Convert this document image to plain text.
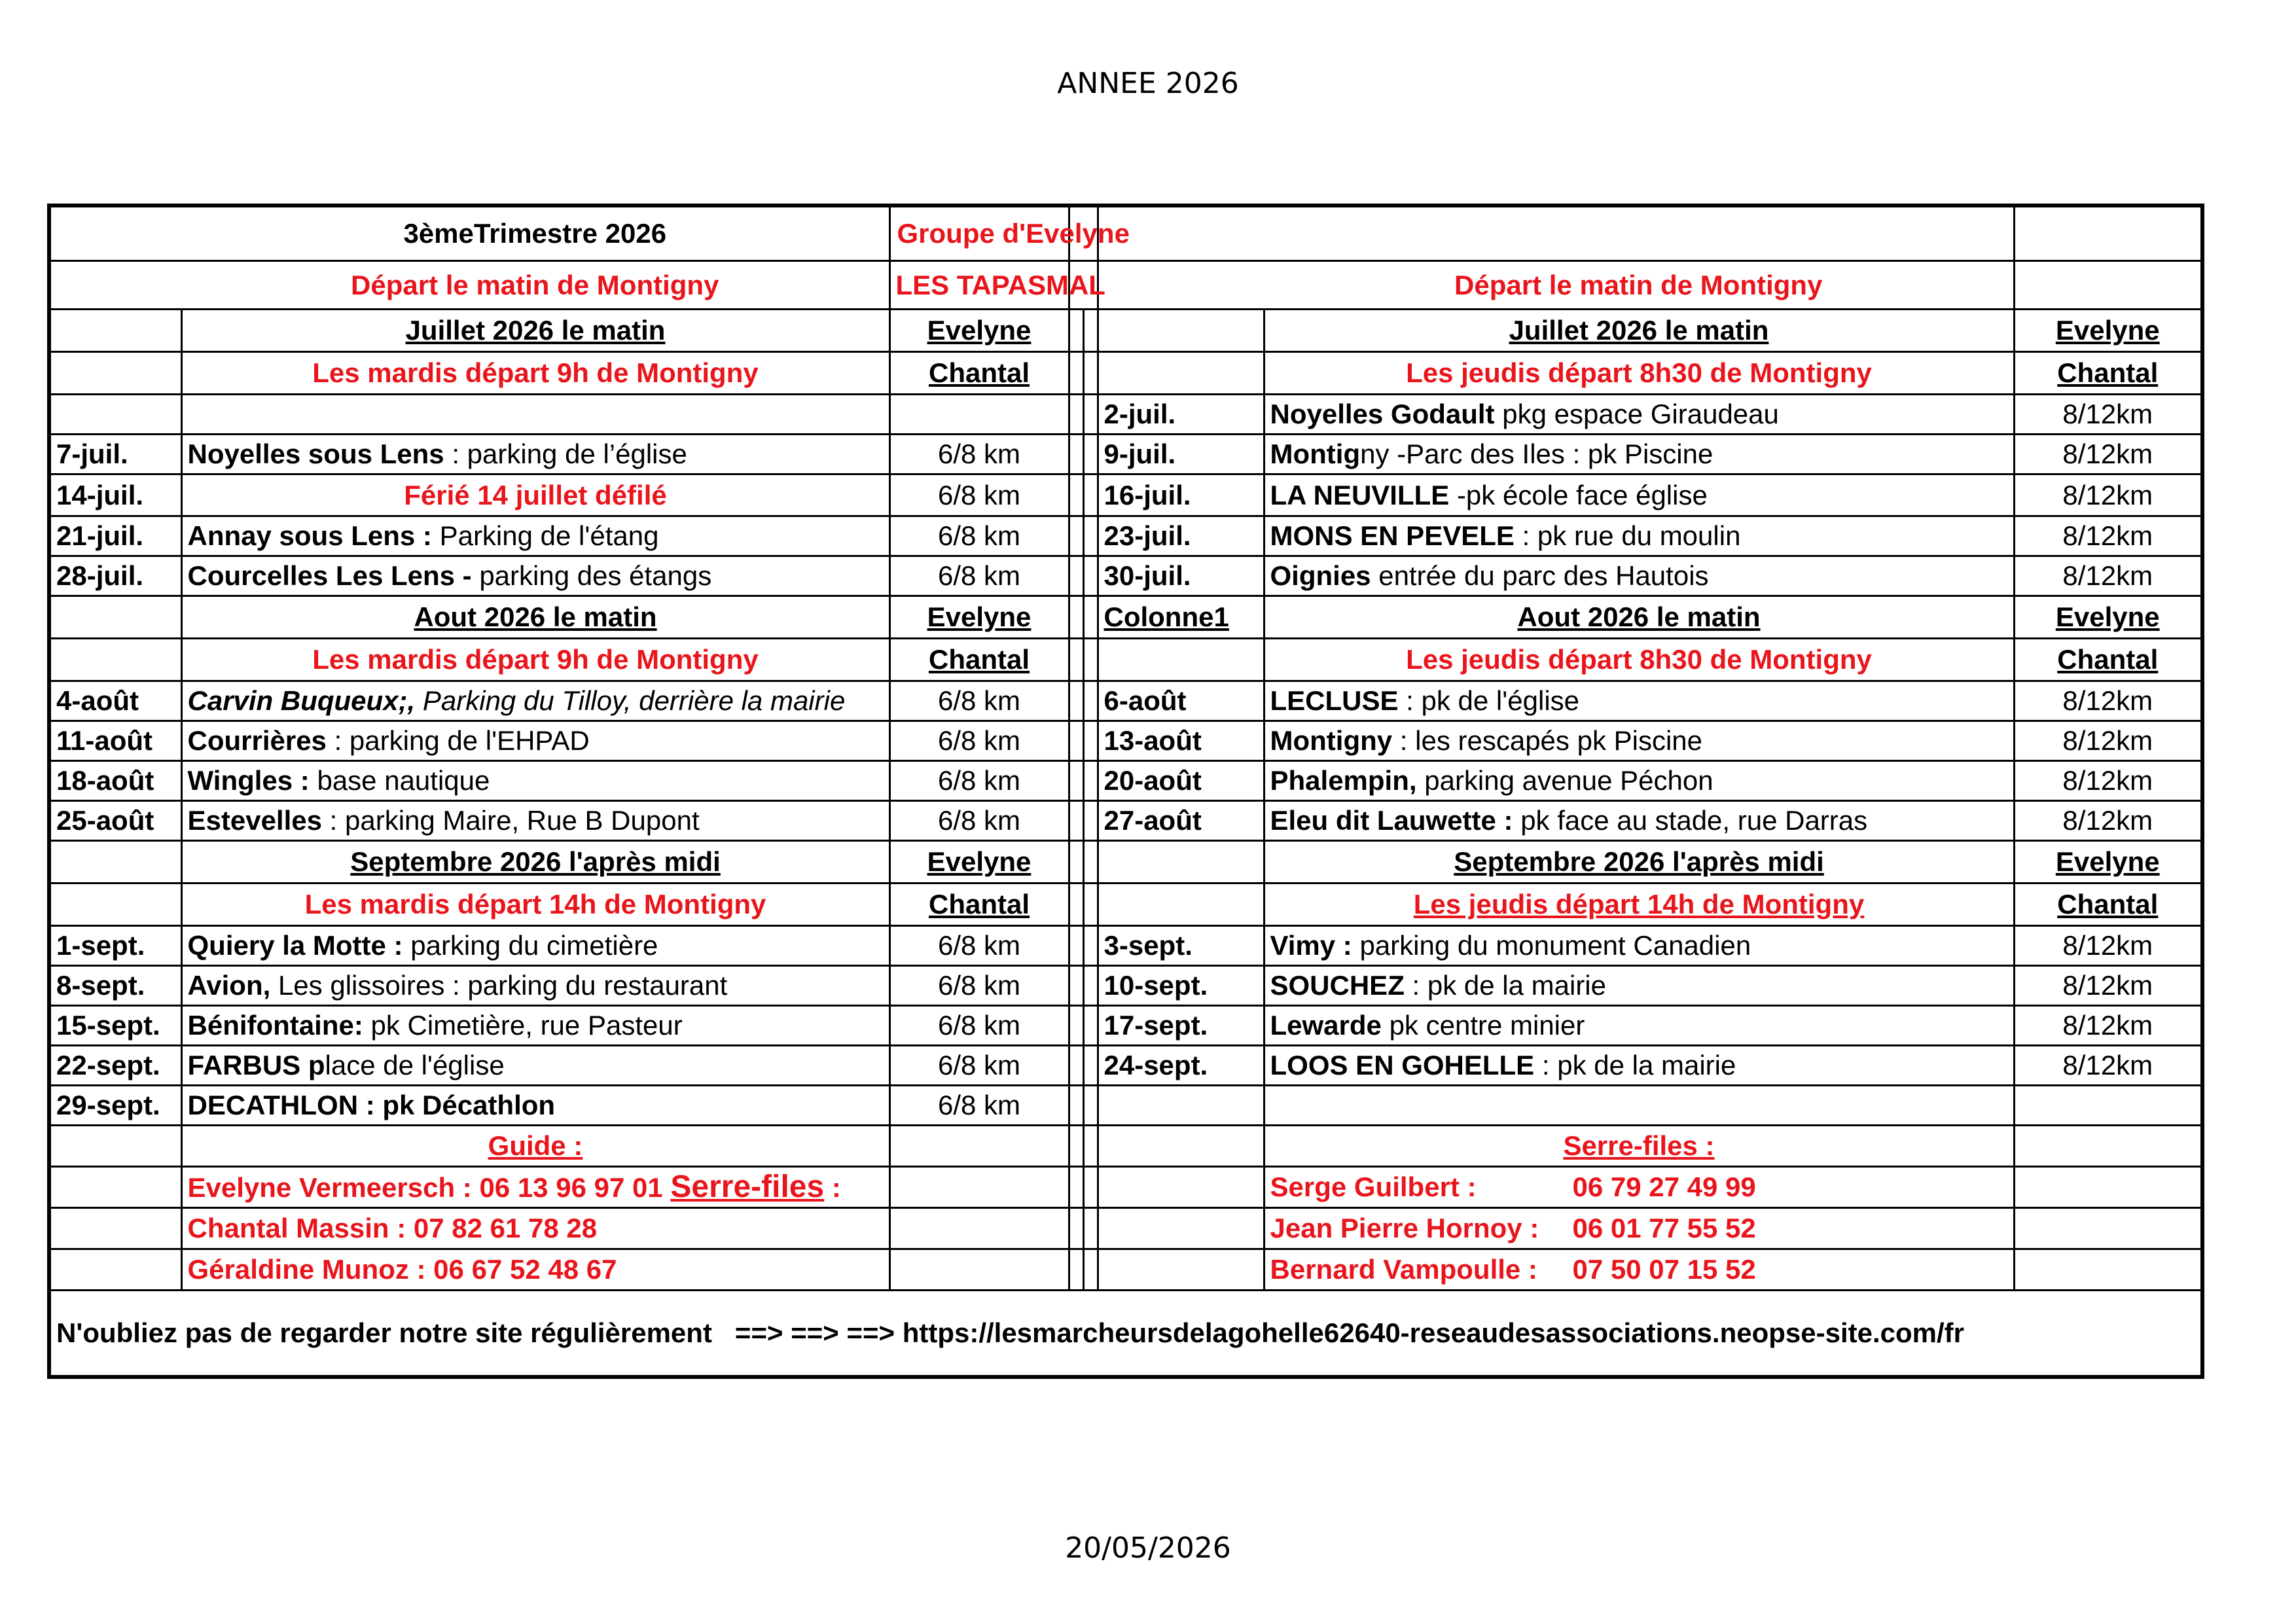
ANNEE 2026
	3èmeTrimestre 2026	Groupe d'Evelyne					
	Départ le matin de Montigny	LES TAPASMAL				Départ le matin de Montigny	
	Juillet 2026 le matin	Evelyne				Juillet 2026 le matin	Evelyne
	Les mardis départ 9h de Montigny	Chantal				Les jeudis départ 8h30 de Montigny	Chantal
					2-juil.	Noyelles Godault pkg espace Giraudeau	8/12km
7-juil.	Noyelles sous Lens : parking de l’église	6/8 km			9-juil.	Montigny -Parc des Iles : pk Piscine	8/12km
14-juil.	Férié 14 juillet défilé	6/8 km			16-juil.	LA NEUVILLE -pk école face église	8/12km
21-juil.	Annay sous Lens : Parking de l'étang	6/8 km			23-juil.	MONS EN PEVELE : pk rue du moulin	8/12km
28-juil.	Courcelles Les Lens - parking des étangs	6/8 km			30-juil.	Oignies entrée du parc des Hautois	8/12km
	Aout 2026 le matin	Evelyne			Colonne1	Aout 2026 le matin	Evelyne
	Les mardis départ 9h de Montigny	Chantal				Les jeudis départ 8h30 de Montigny	Chantal
4-août	Carvin Buqueux;, Parking du Tilloy, derrière la mairie	6/8 km			6-août	LECLUSE : pk de l'église	8/12km
11-août	Courrières : parking de l'EHPAD	6/8 km			13-août	Montigny : les rescapés pk Piscine	8/12km
18-août	Wingles : base nautique	6/8 km			20-août	Phalempin, parking avenue Péchon	8/12km
25-août	Estevelles : parking Maire, Rue B Dupont	6/8 km			27-août	Eleu dit Lauwette : pk face au stade, rue Darras	8/12km
	Septembre 2026 l'après midi	Evelyne				Septembre 2026 l'après midi	Evelyne
	Les mardis départ 14h de Montigny	Chantal				Les jeudis départ 14h de Montigny	Chantal
1-sept.	Quiery la Motte : parking du cimetière	6/8 km			3-sept.	Vimy : parking du monument Canadien	8/12km
8-sept.	Avion, Les glissoires : parking du restaurant	6/8 km			10-sept.	SOUCHEZ : pk de la mairie	8/12km
15-sept.	Bénifontaine: pk Cimetière, rue Pasteur	6/8 km			17-sept.	Lewarde pk centre minier	8/12km
22-sept.	FARBUS place de l'église	6/8 km			24-sept.	LOOS EN GOHELLE : pk de la mairie	8/12km
29-sept.	DECATHLON : pk Décathlon	6/8 km					
	Guide :					Serre-files :	
	Evelyne Vermeersch : 06 13 96 97 01 Serre-files :					Serge Guilbert : 06 79 27 49 99	
	Chantal Massin : 07 82 61 78 28					Jean Pierre Hornoy : 06 01 77 55 52	
	Géraldine Munoz : 06 67 52 48 67					Bernard Vampoulle : 07 50 07 15 52	
N'oubliez pas de regarder notre site régulièrement   ==> ==> ==> https://lesmarcheursdelagohelle62640-reseaudesassociations.neopse-site.com/fr							
20/05/2026
